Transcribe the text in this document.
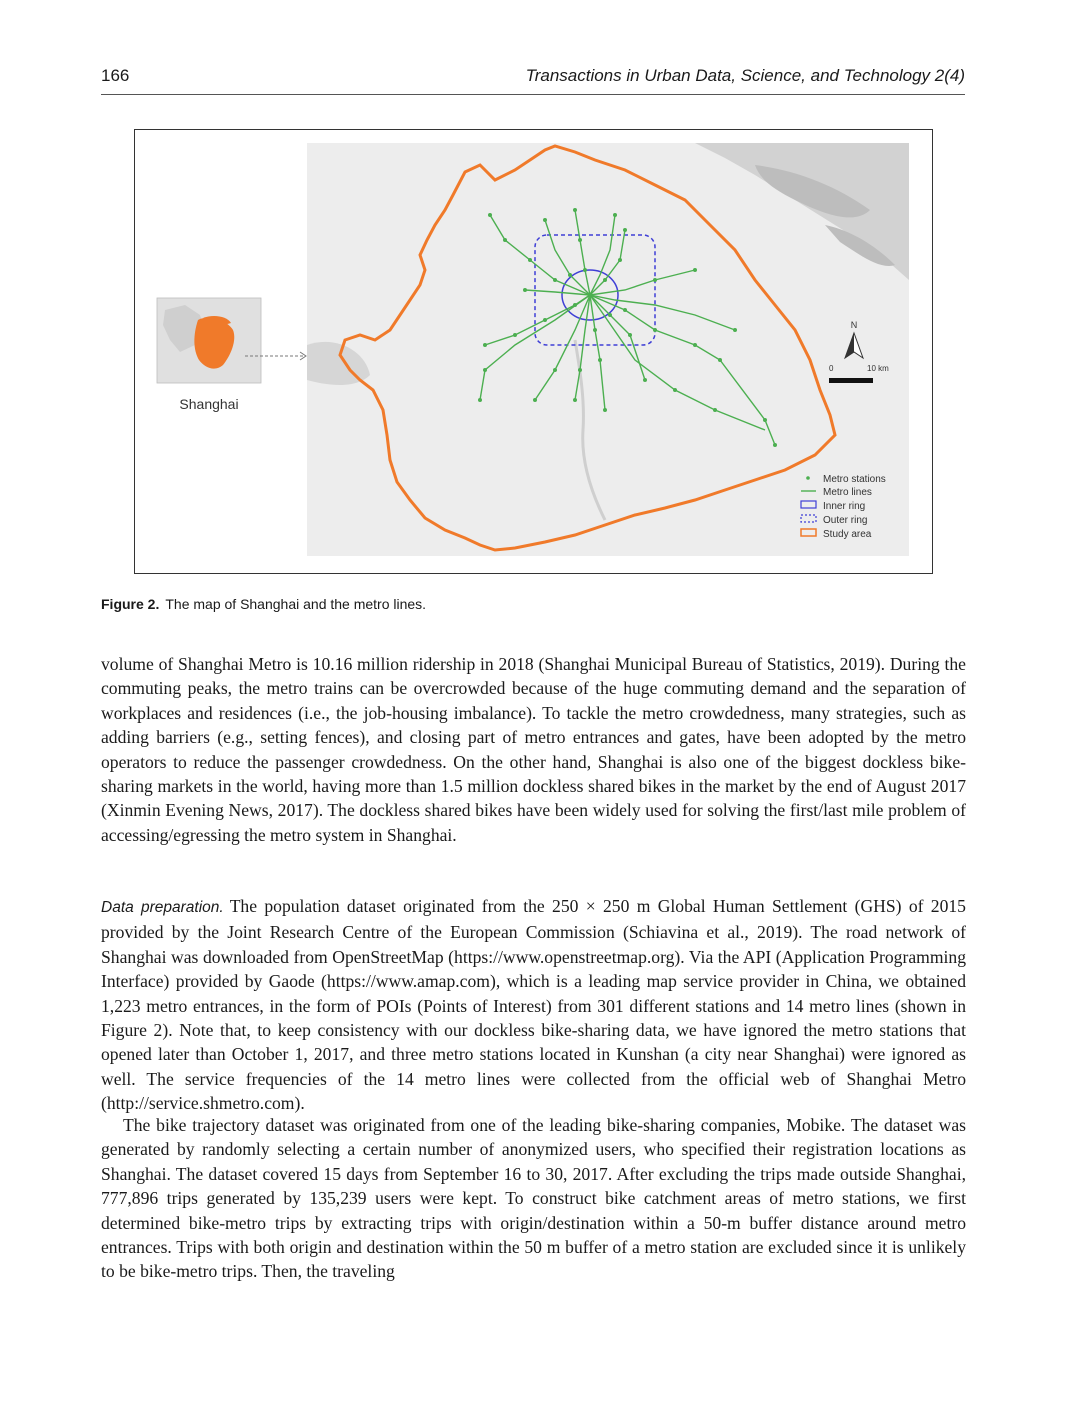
166	Transactions in Urban Data, Science, and Technology 2(4)
N
0	10 km
Metro stations
Metro lines
Inner ring
Outer ring
Study area
Shanghai
Figure 2. The map of Shanghai and the metro lines.

volume of Shanghai Metro is 10.16 million ridership in 2018 (Shanghai Municipal Bureau of Statistics, 2019). During the commuting peaks, the metro trains can be overcrowded because of the huge commuting demand and the separation of workplaces and residences (i.e., the job-housing imbalance). To tackle the metro crowdedness, many strategies, such as adding barriers (e.g., setting fences), and closing part of metro entrances and gates, have been adopted by the metro operators to reduce the passenger crowdedness. On the other hand, Shanghai is also one of the biggest dockless bike-sharing markets in the world, having more than 1.5 million dockless shared bikes in the market by the end of August 2017 (Xinmin Evening News, 2017). The dockless shared bikes have been widely used for solving the first/last mile problem of accessing/egressing the metro system in Shanghai.

Data preparation. The population dataset originated from the 250 × 250 m Global Human Settlement (GHS) of 2015 provided by the Joint Research Centre of the European Commission (Schiavina et al., 2019). The road network of Shanghai was downloaded from OpenStreetMap (https://www.openstreetmap.org). Via the API (Application Programming Interface) provided by Gaode (https://www.amap.com), which is a leading map service provider in China, we obtained 1,223 metro entrances, in the form of POIs (Points of Interest) from 301 different stations and 14 metro lines (shown in Figure 2). Note that, to keep consistency with our dockless bike-sharing data, we have ignored the metro stations that opened later than October 1, 2017, and three metro stations located in Kunshan (a city near Shanghai) were ignored as well. The service frequencies of the 14 metro lines were collected from the official web of Shanghai Metro (http://service.shmetro.com).

The bike trajectory dataset was originated from one of the leading bike-sharing companies, Mobike. The dataset was generated by randomly selecting a certain number of anonymized users, who specified their registration locations as Shanghai. The dataset covered 15 days from September 16 to 30, 2017. After excluding the trips made outside Shanghai, 777,896 trips generated by 135,239 users were kept. To construct bike catchment areas of metro stations, we first determined bike-metro trips by extracting trips with origin/destination within a 50-m buffer distance around metro entrances. Trips with both origin and destination within the 50 m buffer of a metro station are excluded since it is unlikely to be bike-metro trips. Then, the traveling
